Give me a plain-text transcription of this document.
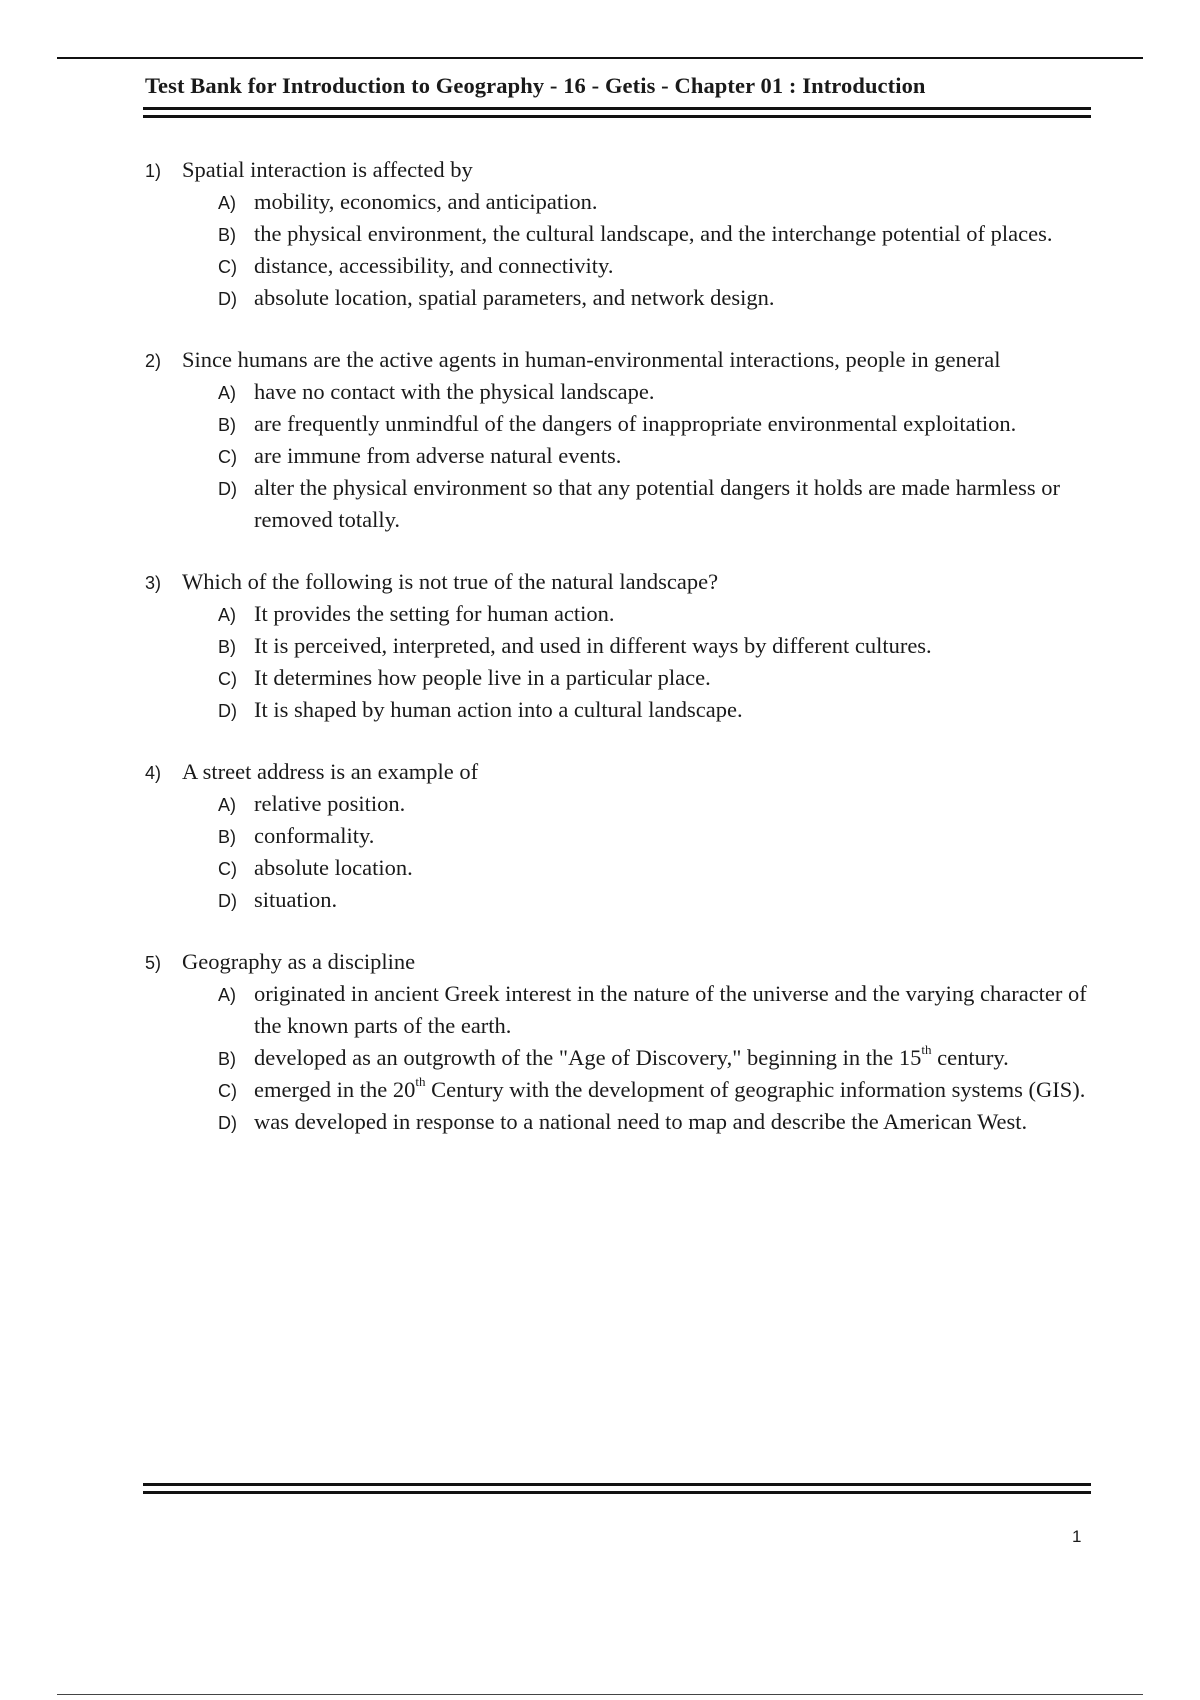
Test Bank for Introduction to Geography - 16 - Getis - Chapter 01 : Introduction
1) Spatial interaction is affected by
A) mobility, economics, and anticipation.
B) the physical environment, the cultural landscape, and the interchange potential of places.
C) distance, accessibility, and connectivity.
D) absolute location, spatial parameters, and network design.
2) Since humans are the active agents in human-environmental interactions, people in general
A) have no contact with the physical landscape.
B) are frequently unmindful of the dangers of inappropriate environmental exploitation.
C) are immune from adverse natural events.
D) alter the physical environment so that any potential dangers it holds are made harmless or removed totally.
3) Which of the following is not true of the natural landscape?
A) It provides the setting for human action.
B) It is perceived, interpreted, and used in different ways by different cultures.
C) It determines how people live in a particular place.
D) It is shaped by human action into a cultural landscape.
4) A street address is an example of
A) relative position.
B) conformality.
C) absolute location.
D) situation.
5) Geography as a discipline
A) originated in ancient Greek interest in the nature of the universe and the varying character of the known parts of the earth.
B) developed as an outgrowth of the "Age of Discovery," beginning in the 15th century.
C) emerged in the 20th Century with the development of geographic information systems (GIS).
D) was developed in response to a national need to map and describe the American West.
1
